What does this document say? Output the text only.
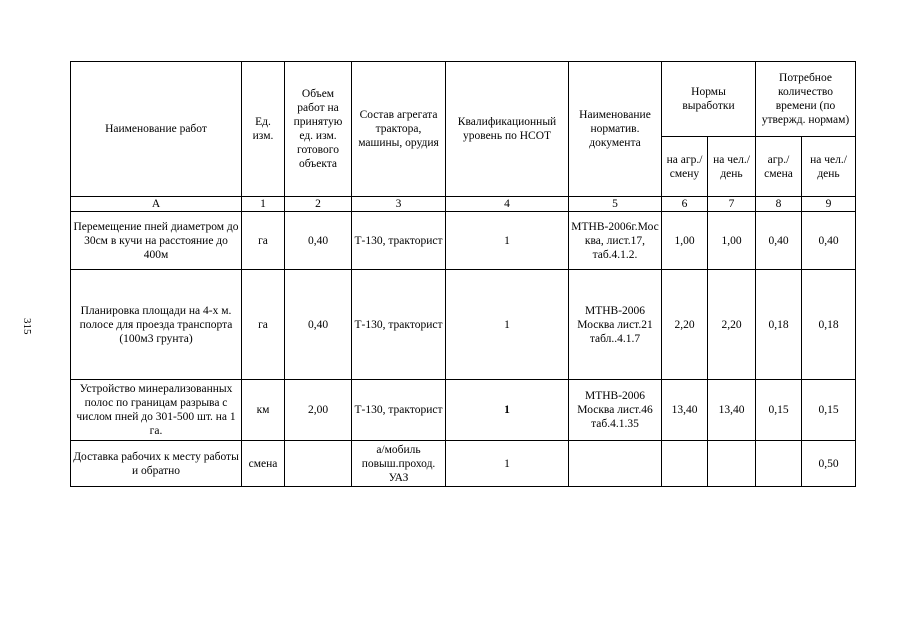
315
Наименование работ	Ед. изм.	Объем работ на принятую ед. изм. готового объекта	Состав агрегата трактора, машины, орудия	Квалификационный уровень по НСОТ	Наименование норматив. документа	Нормы выработки		Потребное количество времени (по утвержд. нормам)	
						на агр./ смену	на чел./ день	агр./ смена	на чел./ день
А	1	2	3	4	5	6	7	8	9
Перемещение пней диаметром до 30см в кучи на расстояние до 400м	га	0,40	Т-130, тракторист	1	МТНВ-2006г.Москва, лист.17, таб.4.1.2.	1,00	1,00	0,40	0,40
Планировка площади на 4-х м. полосе для проезда транспорта (100м3 грунта)	га	0,40	Т-130, тракторист	1	МТНВ-2006 Москва лист.21 табл..4.1.7	2,20	2,20	0,18	0,18
Устройство минерализованных полос по границам разрыва с числом пней до 301-500 шт. на 1 га.	км	2,00	Т-130, тракторист	1	МТНВ-2006 Москва лист.46 таб.4.1.35	13,40	13,40	0,15	0,15
Доставка рабочих к месту работы и обратно	смена		а/мобиль повыш.проход. УАЗ	1					0,50
